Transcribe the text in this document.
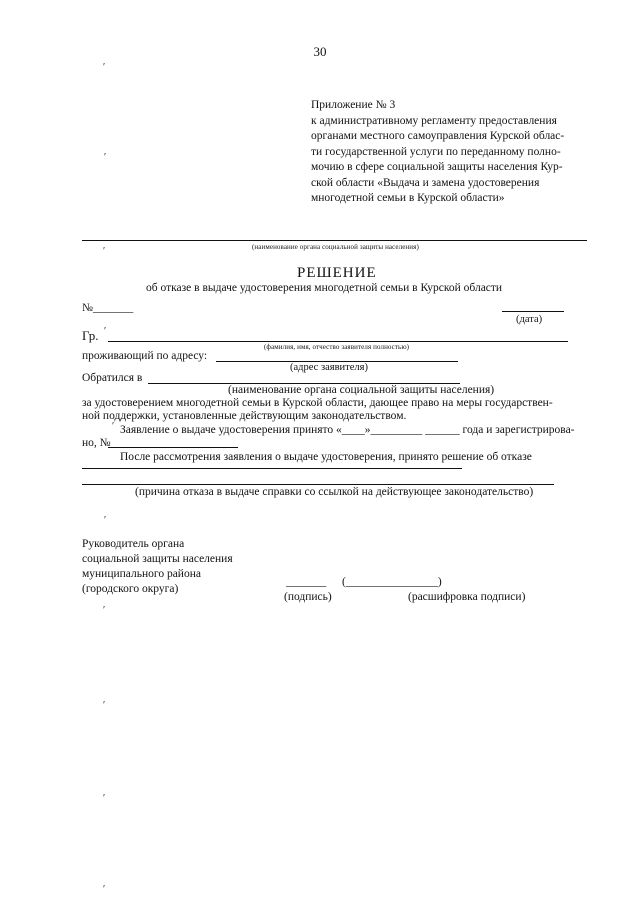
30
Приложение № 3
к административному регламенту предоставления
органами местного самоуправления Курской облас-
ти государственной услуги по переданному полно-
мочию в сфере социальной защиты населения Кур-
ской области «Выдача и замена удостоверения
многодетной семьи в Курской области»
(наименование органа социальной защиты населения)
РЕШЕНИЕ
об отказе в выдаче удостоверения многодетной семьи в Курской области
№_______
(дата)
Гр.
(фамилия, имя, отчество заявителя полностью)
проживающий по адресу:
(адрес заявителя)
Обратился в
(наименование органа социальной защиты населения)
за удостоверением многодетной семьи в Курской области, дающее право на меры государствен-
ной поддержки, установленные действующим законодательством.
Заявление о выдаче удостоверения принято «____»_________ ______ года и зарегистрирова-
но, №
После рассмотрения заявления о выдаче удостоверения, принято решение об отказе
(причина отказа в выдаче справки со ссылкой на действующее законодательство)
Руководитель органа
социальной защиты населения
муниципального района
(городского округа)
_______ (________________)
(подпись)	(расшифровка подписи)
ʹ
ʹ
ʹ
ʹ
ʹ
ʹ
ʹ
ʹ
ʹ
ʹ
